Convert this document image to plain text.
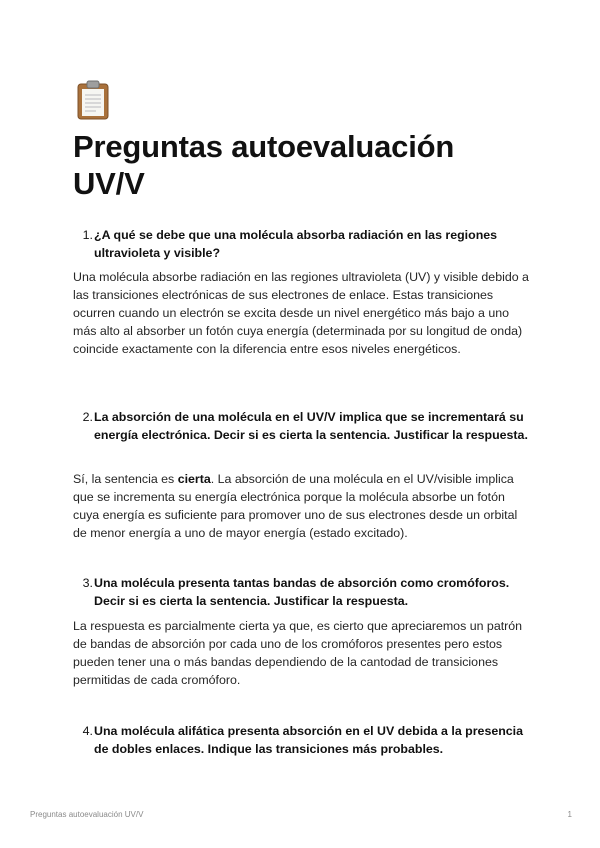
Preguntas autoevaluación UV/V
1. ¿A qué se debe que una molécula absorba radiación en las regiones ultravioleta y visible?

Una molécula absorbe radiación en las regiones ultravioleta (UV) y visible debido a las transiciones electrónicas de sus electrones de enlace. Estas transiciones ocurren cuando un electrón se excita desde un nivel energético más bajo a uno más alto al absorber un fotón cuya energía (determinada por su longitud de onda) coincide exactamente con la diferencia entre esos niveles energéticos.

2. La absorción de una molécula en el UV/V implica que se incrementará su energía electrónica. Decir si es cierta la sentencia. Justificar la respuesta.

Sí, la sentencia es cierta. La absorción de una molécula en el UV/visible implica que se incrementa su energía electrónica porque la molécula absorbe un fotón cuya energía es suficiente para promover uno de sus electrones desde un orbital de menor energía a uno de mayor energía (estado excitado).

3. Una molécula presenta tantas bandas de absorción como cromóforos. Decir si es cierta la sentencia. Justificar la respuesta.

La respuesta es parcialmente cierta ya que, es cierto que apreciaremos un patrón de bandas de absorción por cada uno de los cromóforos presentes pero estos pueden tener una o más bandas dependiendo de la cantodad de transiciones permitidas de cada cromóforo.

4. Una molécula alifática presenta absorción en el UV debida a la presencia de dobles enlaces. Indique las transiciones más probables.
Preguntas autoevaluación UV/V	1
